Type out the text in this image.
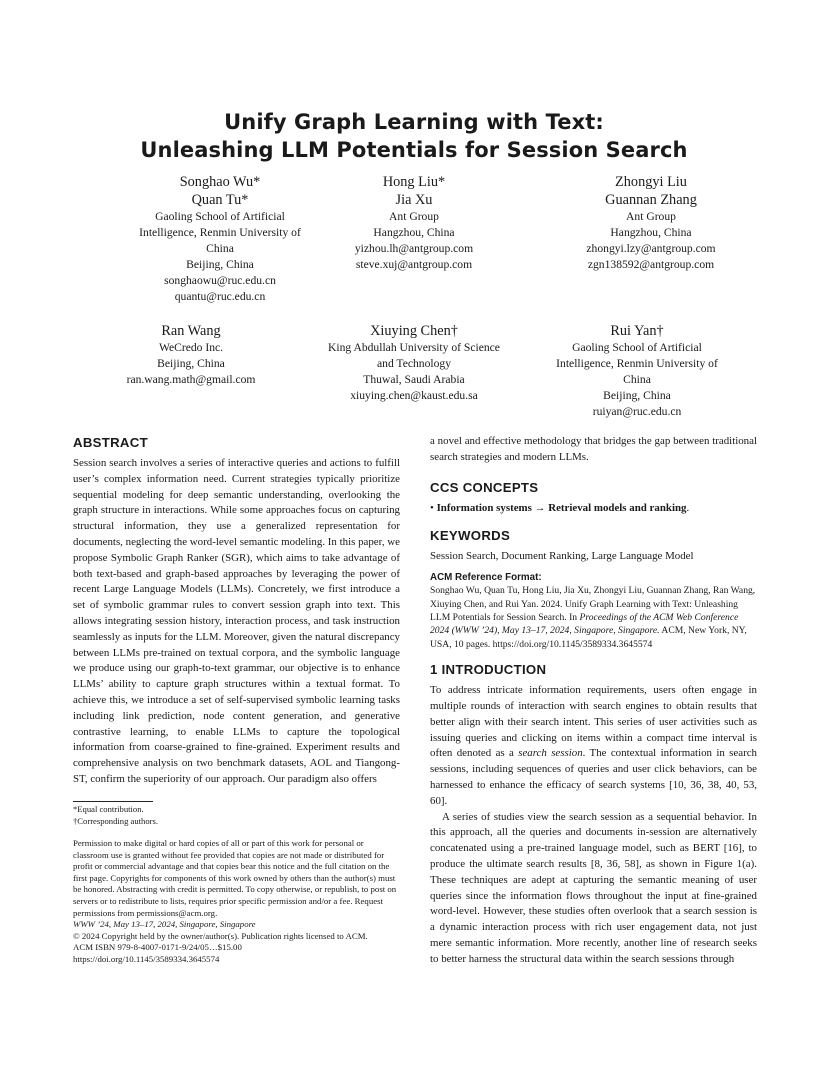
Unify Graph Learning with Text:
Unleashing LLM Potentials for Session Search
Songhao Wu*
Quan Tu*
Gaoling School of Artificial
Intelligence, Renmin University of
China
Beijing, China
songhaowu@ruc.edu.cn
quantu@ruc.edu.cn
Hong Liu*
Jia Xu
Ant Group
Hangzhou, China
yizhou.lh@antgroup.com
steve.xuj@antgroup.com
Zhongyi Liu
Guannan Zhang
Ant Group
Hangzhou, China
zhongyi.lzy@antgroup.com
zgn138592@antgroup.com
Ran Wang
WeCredo Inc.
Beijing, China
ran.wang.math@gmail.com
Xiuying Chen†
King Abdullah University of Science
and Technology
Thuwal, Saudi Arabia
xiuying.chen@kaust.edu.sa
Rui Yan†
Gaoling School of Artificial
Intelligence, Renmin University of
China
Beijing, China
ruiyan@ruc.edu.cn
ABSTRACT

Session search involves a series of interactive queries and actions to fulfill user’s complex information need. Current strategies typically prioritize sequential modeling for deep semantic understanding, overlooking the graph structure in interactions. While some approaches focus on capturing structural information, they use a generalized representation for documents, neglecting the word-level semantic modeling. In this paper, we propose Symbolic Graph Ranker (SGR), which aims to take advantage of both text-based and graph-based approaches by leveraging the power of recent Large Language Models (LLMs). Concretely, we first introduce a set of symbolic grammar rules to convert session graph into text. This allows integrating session history, interaction process, and task instruction seamlessly as inputs for the LLM. Moreover, given the natural discrepancy between LLMs pre-trained on textual corpora, and the symbolic language we produce using our graph-to-text grammar, our objective is to enhance LLMs’ ability to capture graph structures within a textual format. To achieve this, we introduce a set of self-supervised symbolic learning tasks including link prediction, node content generation, and generative contrastive learning, to enable LLMs to capture the topological information from coarse-grained to fine-grained. Experiment results and comprehensive analysis on two benchmark datasets, AOL and Tiangong-ST, confirm the superiority of our approach. Our paradigm also offers

*Equal contribution.
†Corresponding authors.
Permission to make digital or hard copies of all or part of this work for personal or classroom use is granted without fee provided that copies are not made or distributed for profit or commercial advantage and that copies bear this notice and the full citation on the first page. Copyrights for components of this work owned by others than the author(s) must be honored. Abstracting with credit is permitted. To copy otherwise, or republish, to post on servers or to redistribute to lists, requires prior specific permission and/or a fee. Request permissions from permissions@acm.org.
WWW ’24, May 13–17, 2024, Singapore, Singapore
© 2024 Copyright held by the owner/author(s). Publication rights licensed to ACM.
ACM ISBN 979-8-4007-0171-9/24/05…$15.00
https://doi.org/10.1145/3589334.3645574

a novel and effective methodology that bridges the gap between traditional search strategies and modern LLMs.

CCS CONCEPTS

• Information systems → Retrieval models and ranking.

KEYWORDS

Session Search, Document Ranking, Large Language Model

ACM Reference Format:

Songhao Wu, Quan Tu, Hong Liu, Jia Xu, Zhongyi Liu, Guannan Zhang, Ran Wang, Xiuying Chen, and Rui Yan. 2024. Unify Graph Learning with Text: Unleashing LLM Potentials for Session Search. In Proceedings of the ACM Web Conference 2024 (WWW ’24), May 13–17, 2024, Singapore, Singapore. ACM, New York, NY, USA, 10 pages. https://doi.org/10.1145/3589334.3645574

1 INTRODUCTION

To address intricate information requirements, users often engage in multiple rounds of interaction with search engines to obtain results that better align with their search intent. This series of user activities such as issuing queries and clicking on items within a compact time interval is often denoted as a search session. The contextual information in search sessions, including sequences of queries and user click behaviors, can be harnessed to enhance the efficacy of search systems [10, 36, 38, 40, 53, 60].

A series of studies view the search session as a sequential behavior. In this approach, all the queries and documents in-session are alternatively concatenated using a pre-trained language model, such as BERT [16], to produce the ultimate search results [8, 36, 58], as shown in Figure 1(a). These techniques are adept at capturing the semantic meaning of user queries since the information flows throughout the input at fine-grained word-level. However, these studies often overlook that a search session is a dynamic interaction process with rich user engagement data, not just mere semantic information. More recently, another line of research seeks to better harness the structural data within the search sessions through
